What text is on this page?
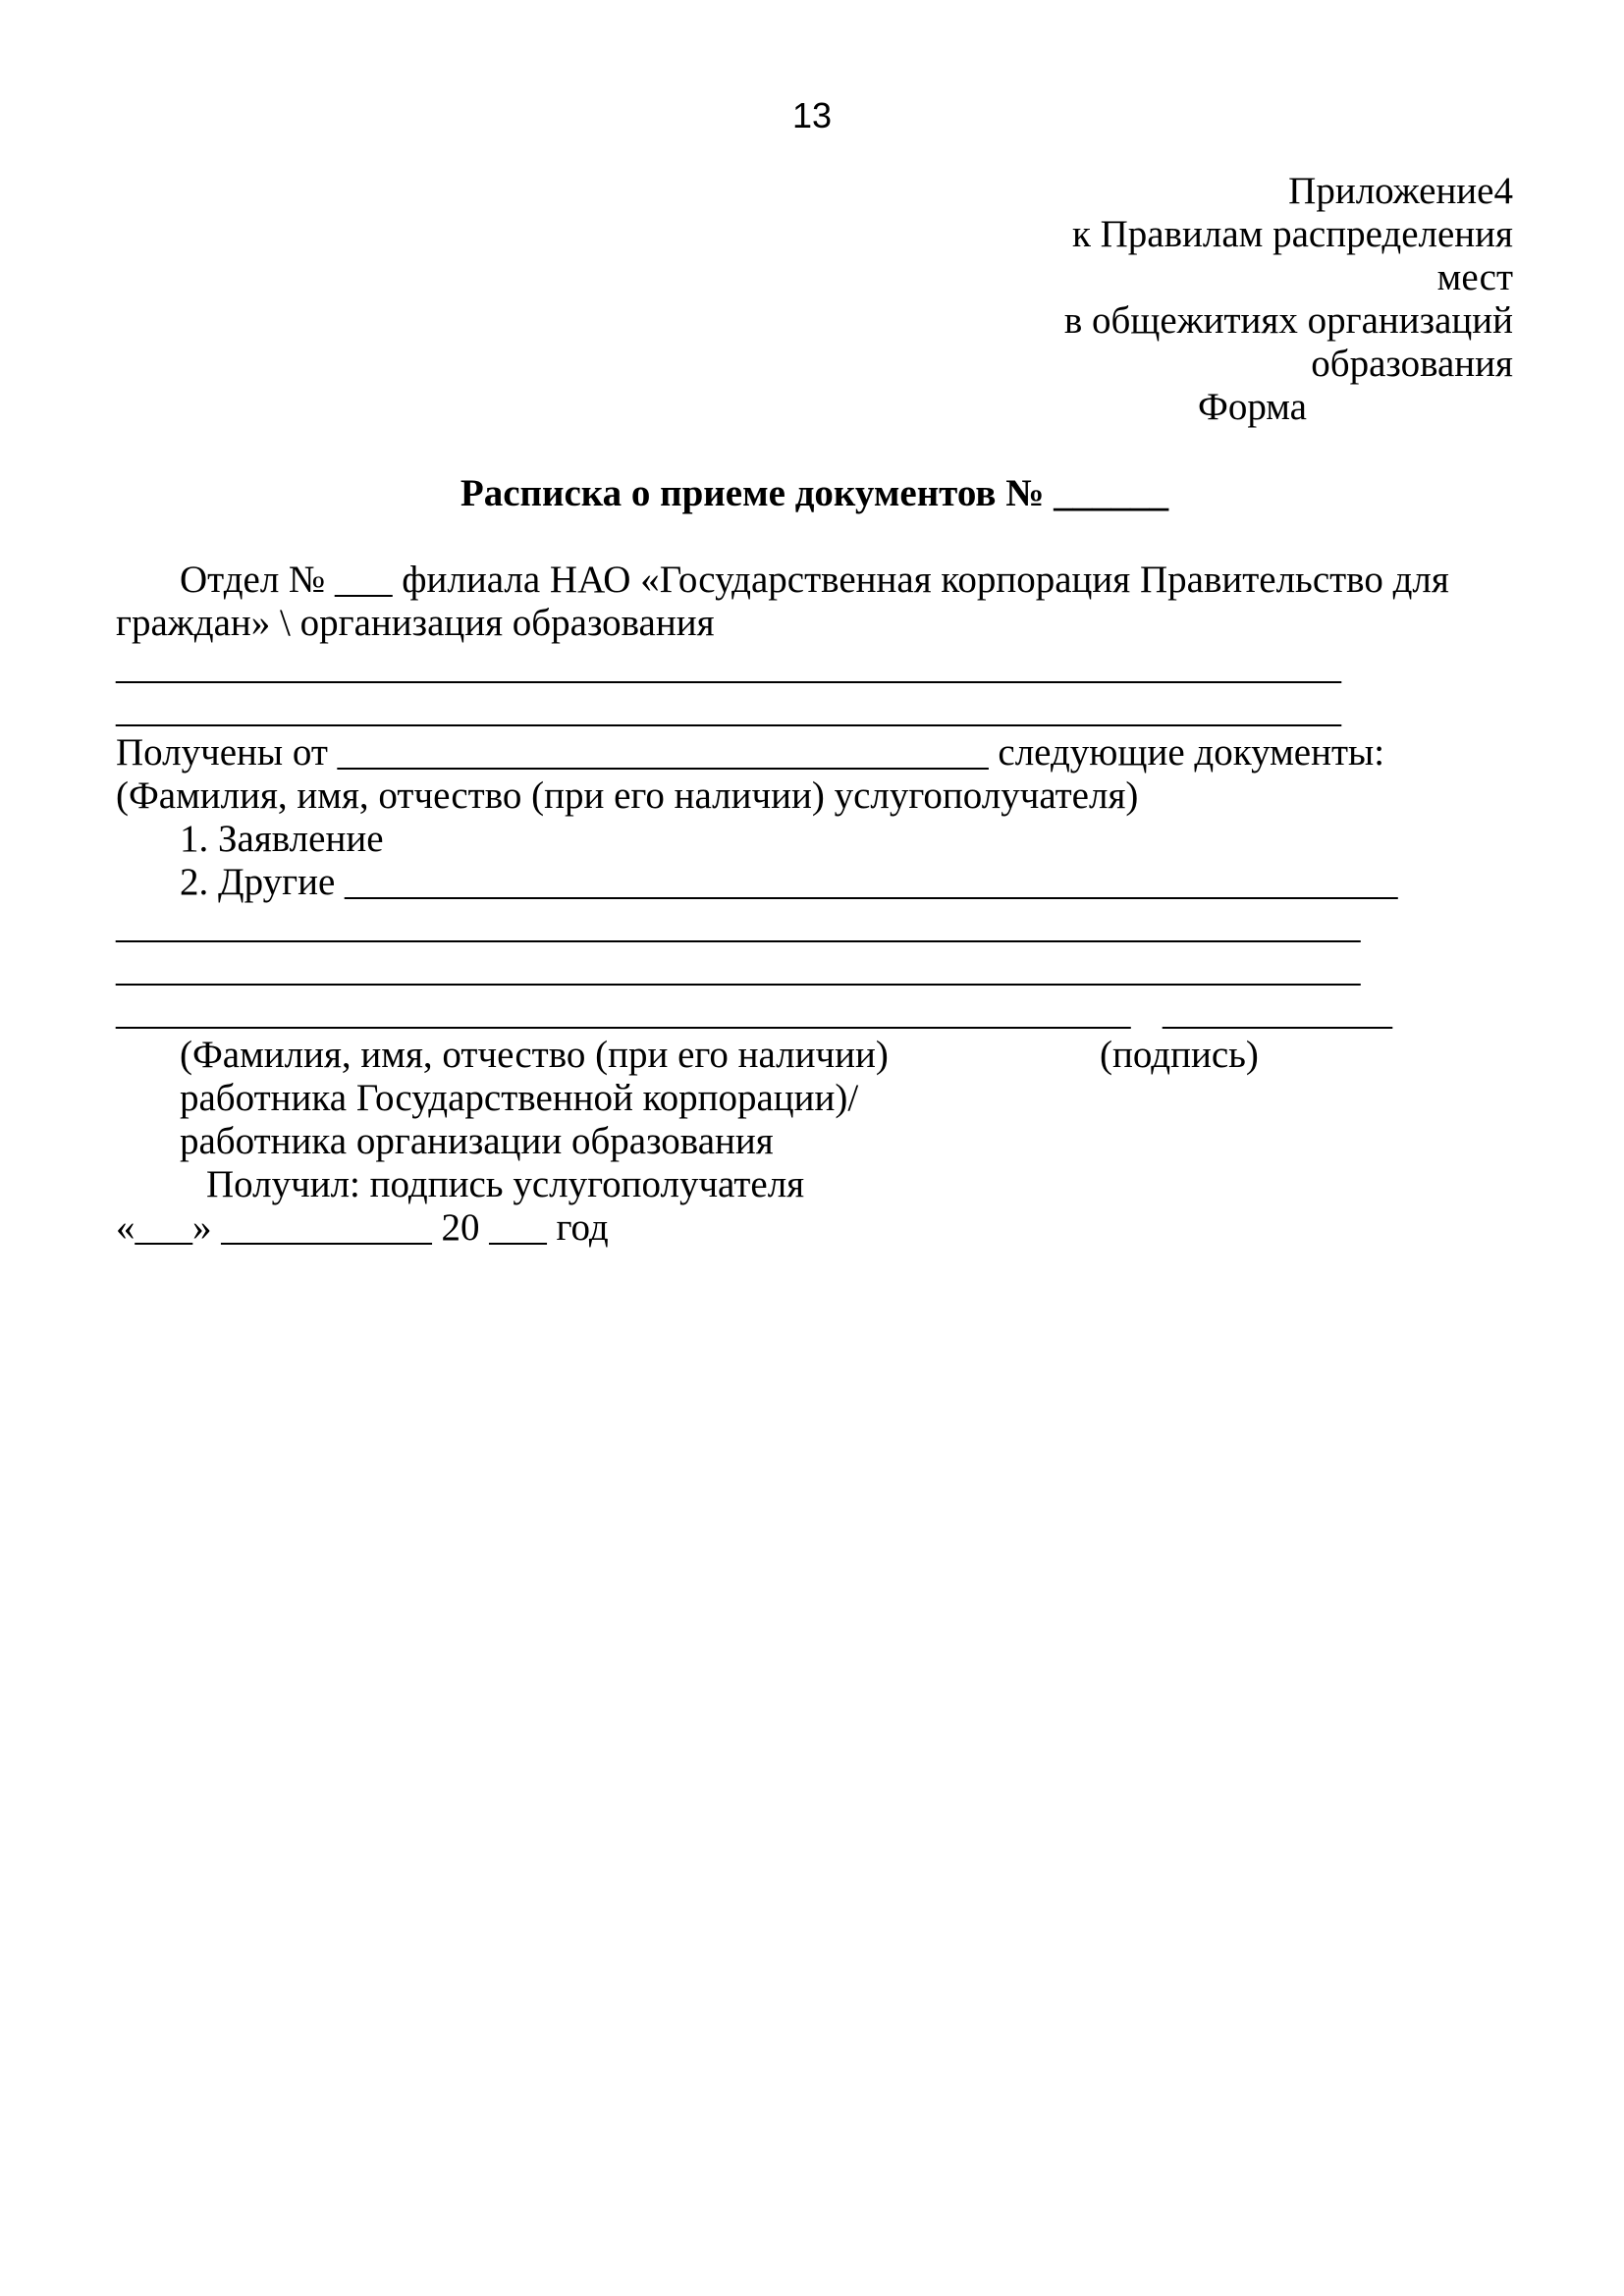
13
Приложение4
к Правилам распределения мест
в общежитиях организаций
образования
Форма
Расписка о приеме документов № ______
Отдел № ___ филиала НАО «Государственная корпорация Правительство для
граждан» \ организация образования
________________________________________________________________
________________________________________________________________
Получены от __________________________________ следующие документы:
(Фамилия, имя, отчество (при его наличии) услугополучателя)
1. Заявление
2. Другие _______________________________________________________
_________________________________________________________________
_________________________________________________________________
_____________________________________________________ ____________
(Фамилия, имя, отчество (при его наличии)	(подпись)
работника Государственной корпорации)/
работника организации образования
Получил: подпись услугополучателя
«___» ___________ 20 ___ год
